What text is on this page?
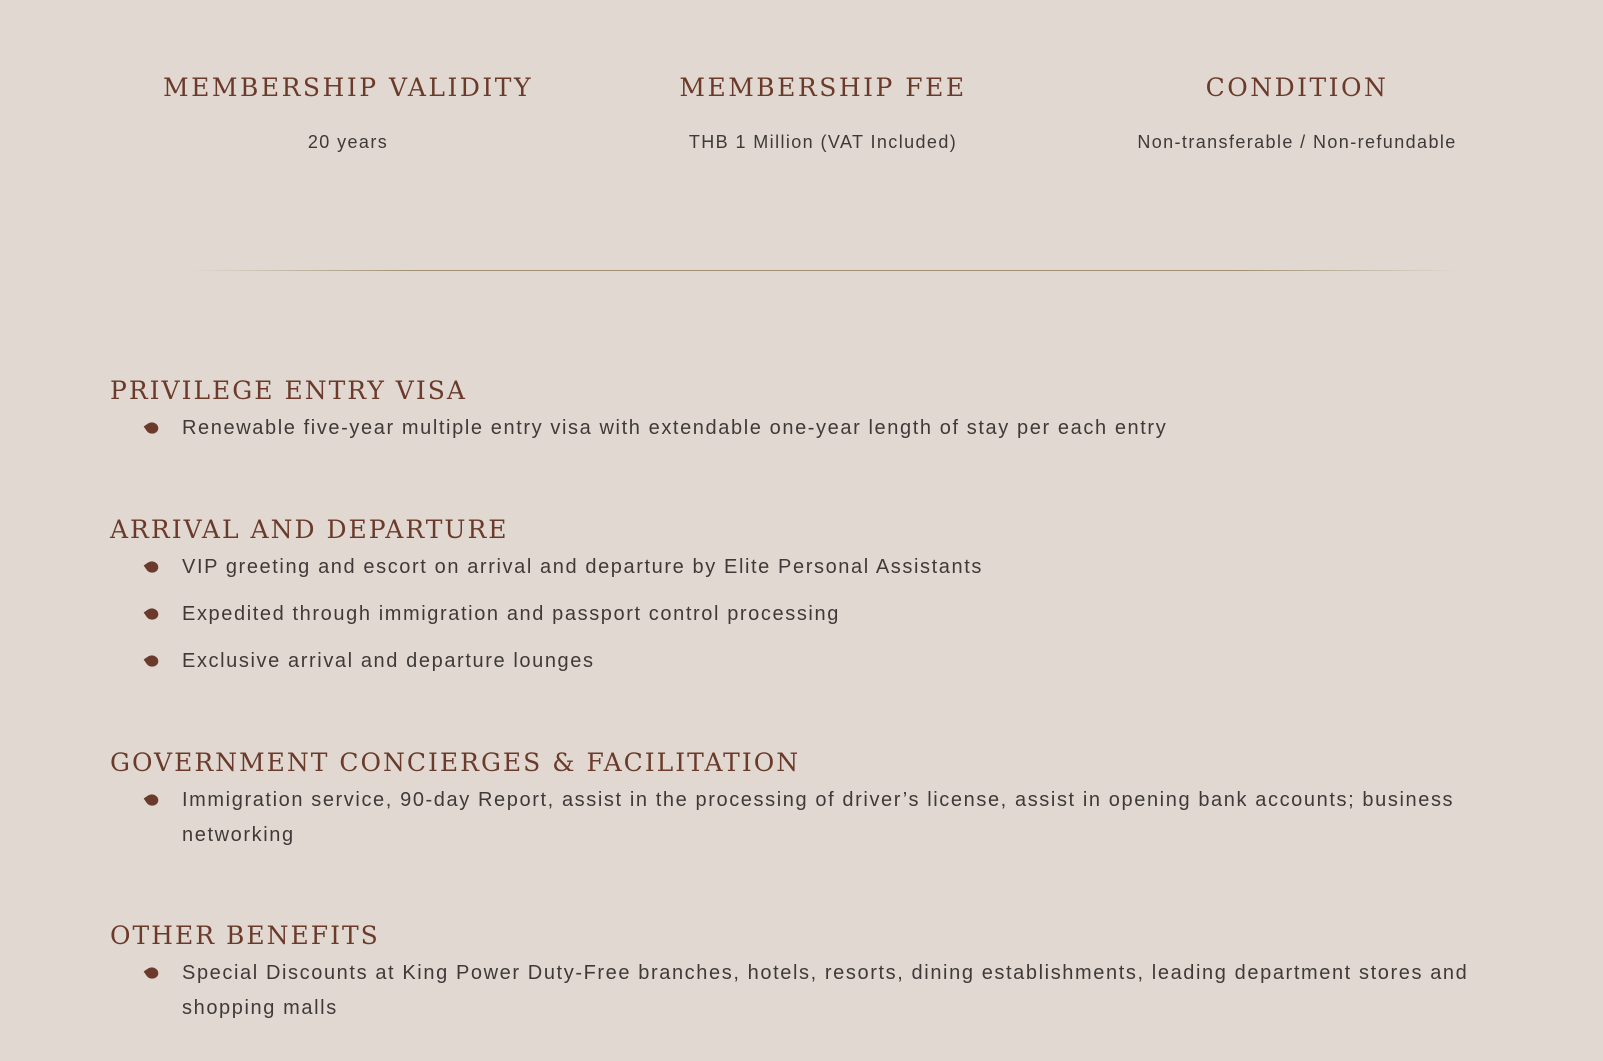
MEMBERSHIP VALIDITY
20 years
MEMBERSHIP FEE
THB 1 Million (VAT Included)
CONDITION
Non-transferable / Non-refundable
PRIVILEGE ENTRY VISA
Renewable five-year multiple entry visa with extendable one-year length of stay per each entry
ARRIVAL AND DEPARTURE
VIP greeting and escort on arrival and departure by Elite Personal Assistants
Expedited through immigration and passport control processing
Exclusive arrival and departure lounges
GOVERNMENT CONCIERGES & FACILITATION
Immigration service, 90-day Report, assist in the processing of driver’s license, assist in opening bank accounts; business networking
OTHER BENEFITS
Special Discounts at King Power Duty-Free branches, hotels, resorts, dining establishments, leading department stores and shopping malls
